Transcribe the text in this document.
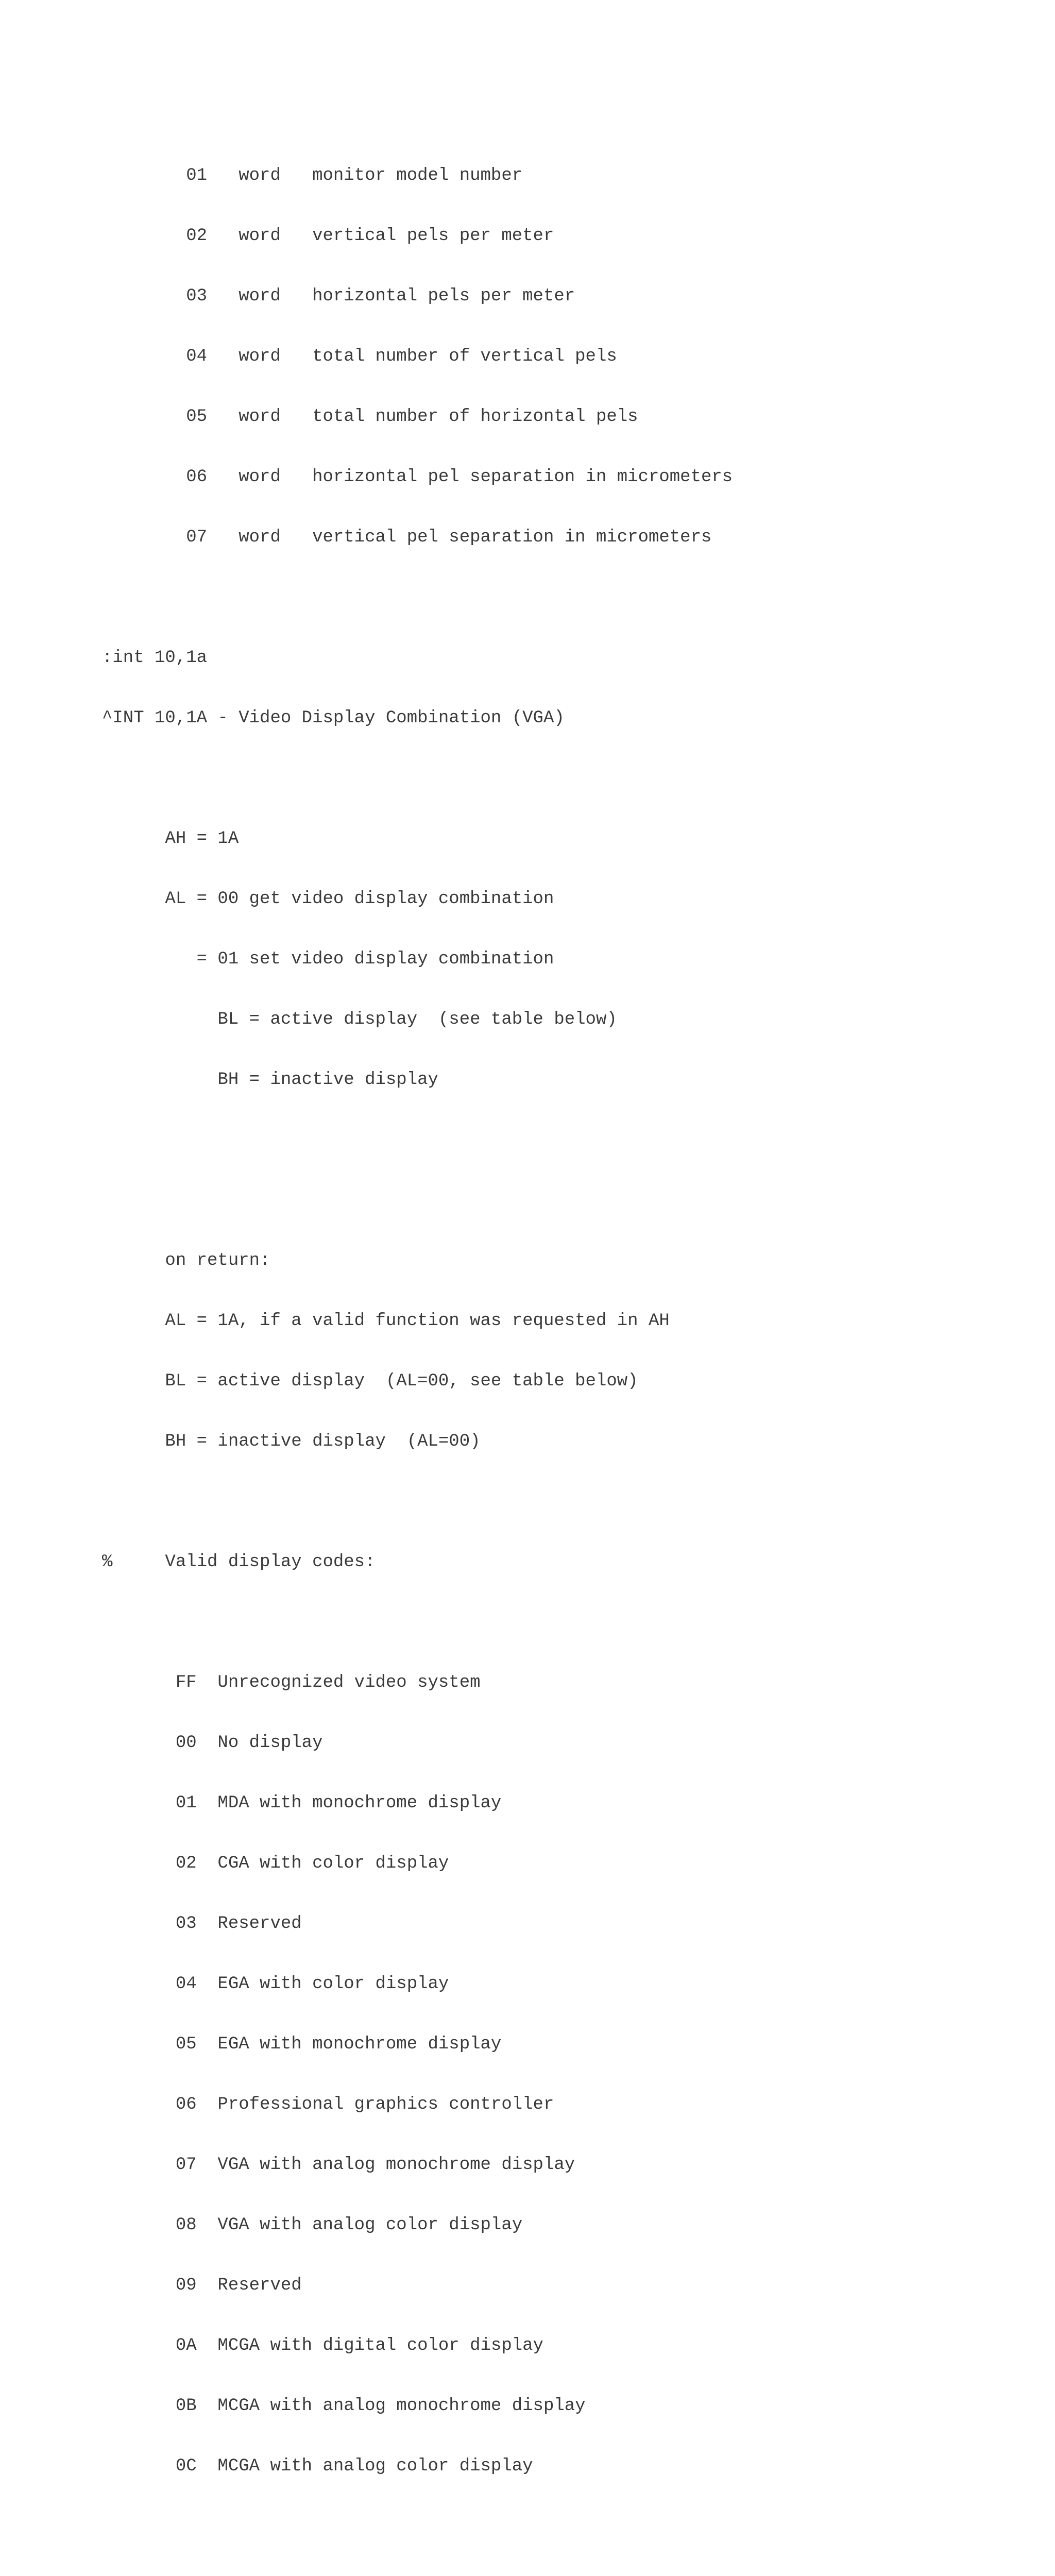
01   word   monitor model number

02   word   vertical pels per meter

03   word   horizontal pels per meter

04   word   total number of vertical pels

05   word   total number of horizontal pels

06   word   horizontal pel separation in micrometers

07   word   vertical pel separation in micrometers

:int 10,1a

^INT 10,1A - Video Display Combination (VGA)

AH = 1A

AL = 00 get video display combination

= 01 set video display combination

BL = active display  (see table below)

BH = inactive display

on return:

AL = 1A, if a valid function was requested in AH

BL = active display  (AL=00, see table below)

BH = inactive display  (AL=00)

%     Valid display codes:

FF  Unrecognized video system

00  No display

01  MDA with monochrome display

02  CGA with color display

03  Reserved

04  EGA with color display

05  EGA with monochrome display

06  Professional graphics controller

07  VGA with analog monochrome display

08  VGA with analog color display

09  Reserved

0A  MCGA with digital color display

0B  MCGA with analog monochrome display

0C  MCGA with analog color display
